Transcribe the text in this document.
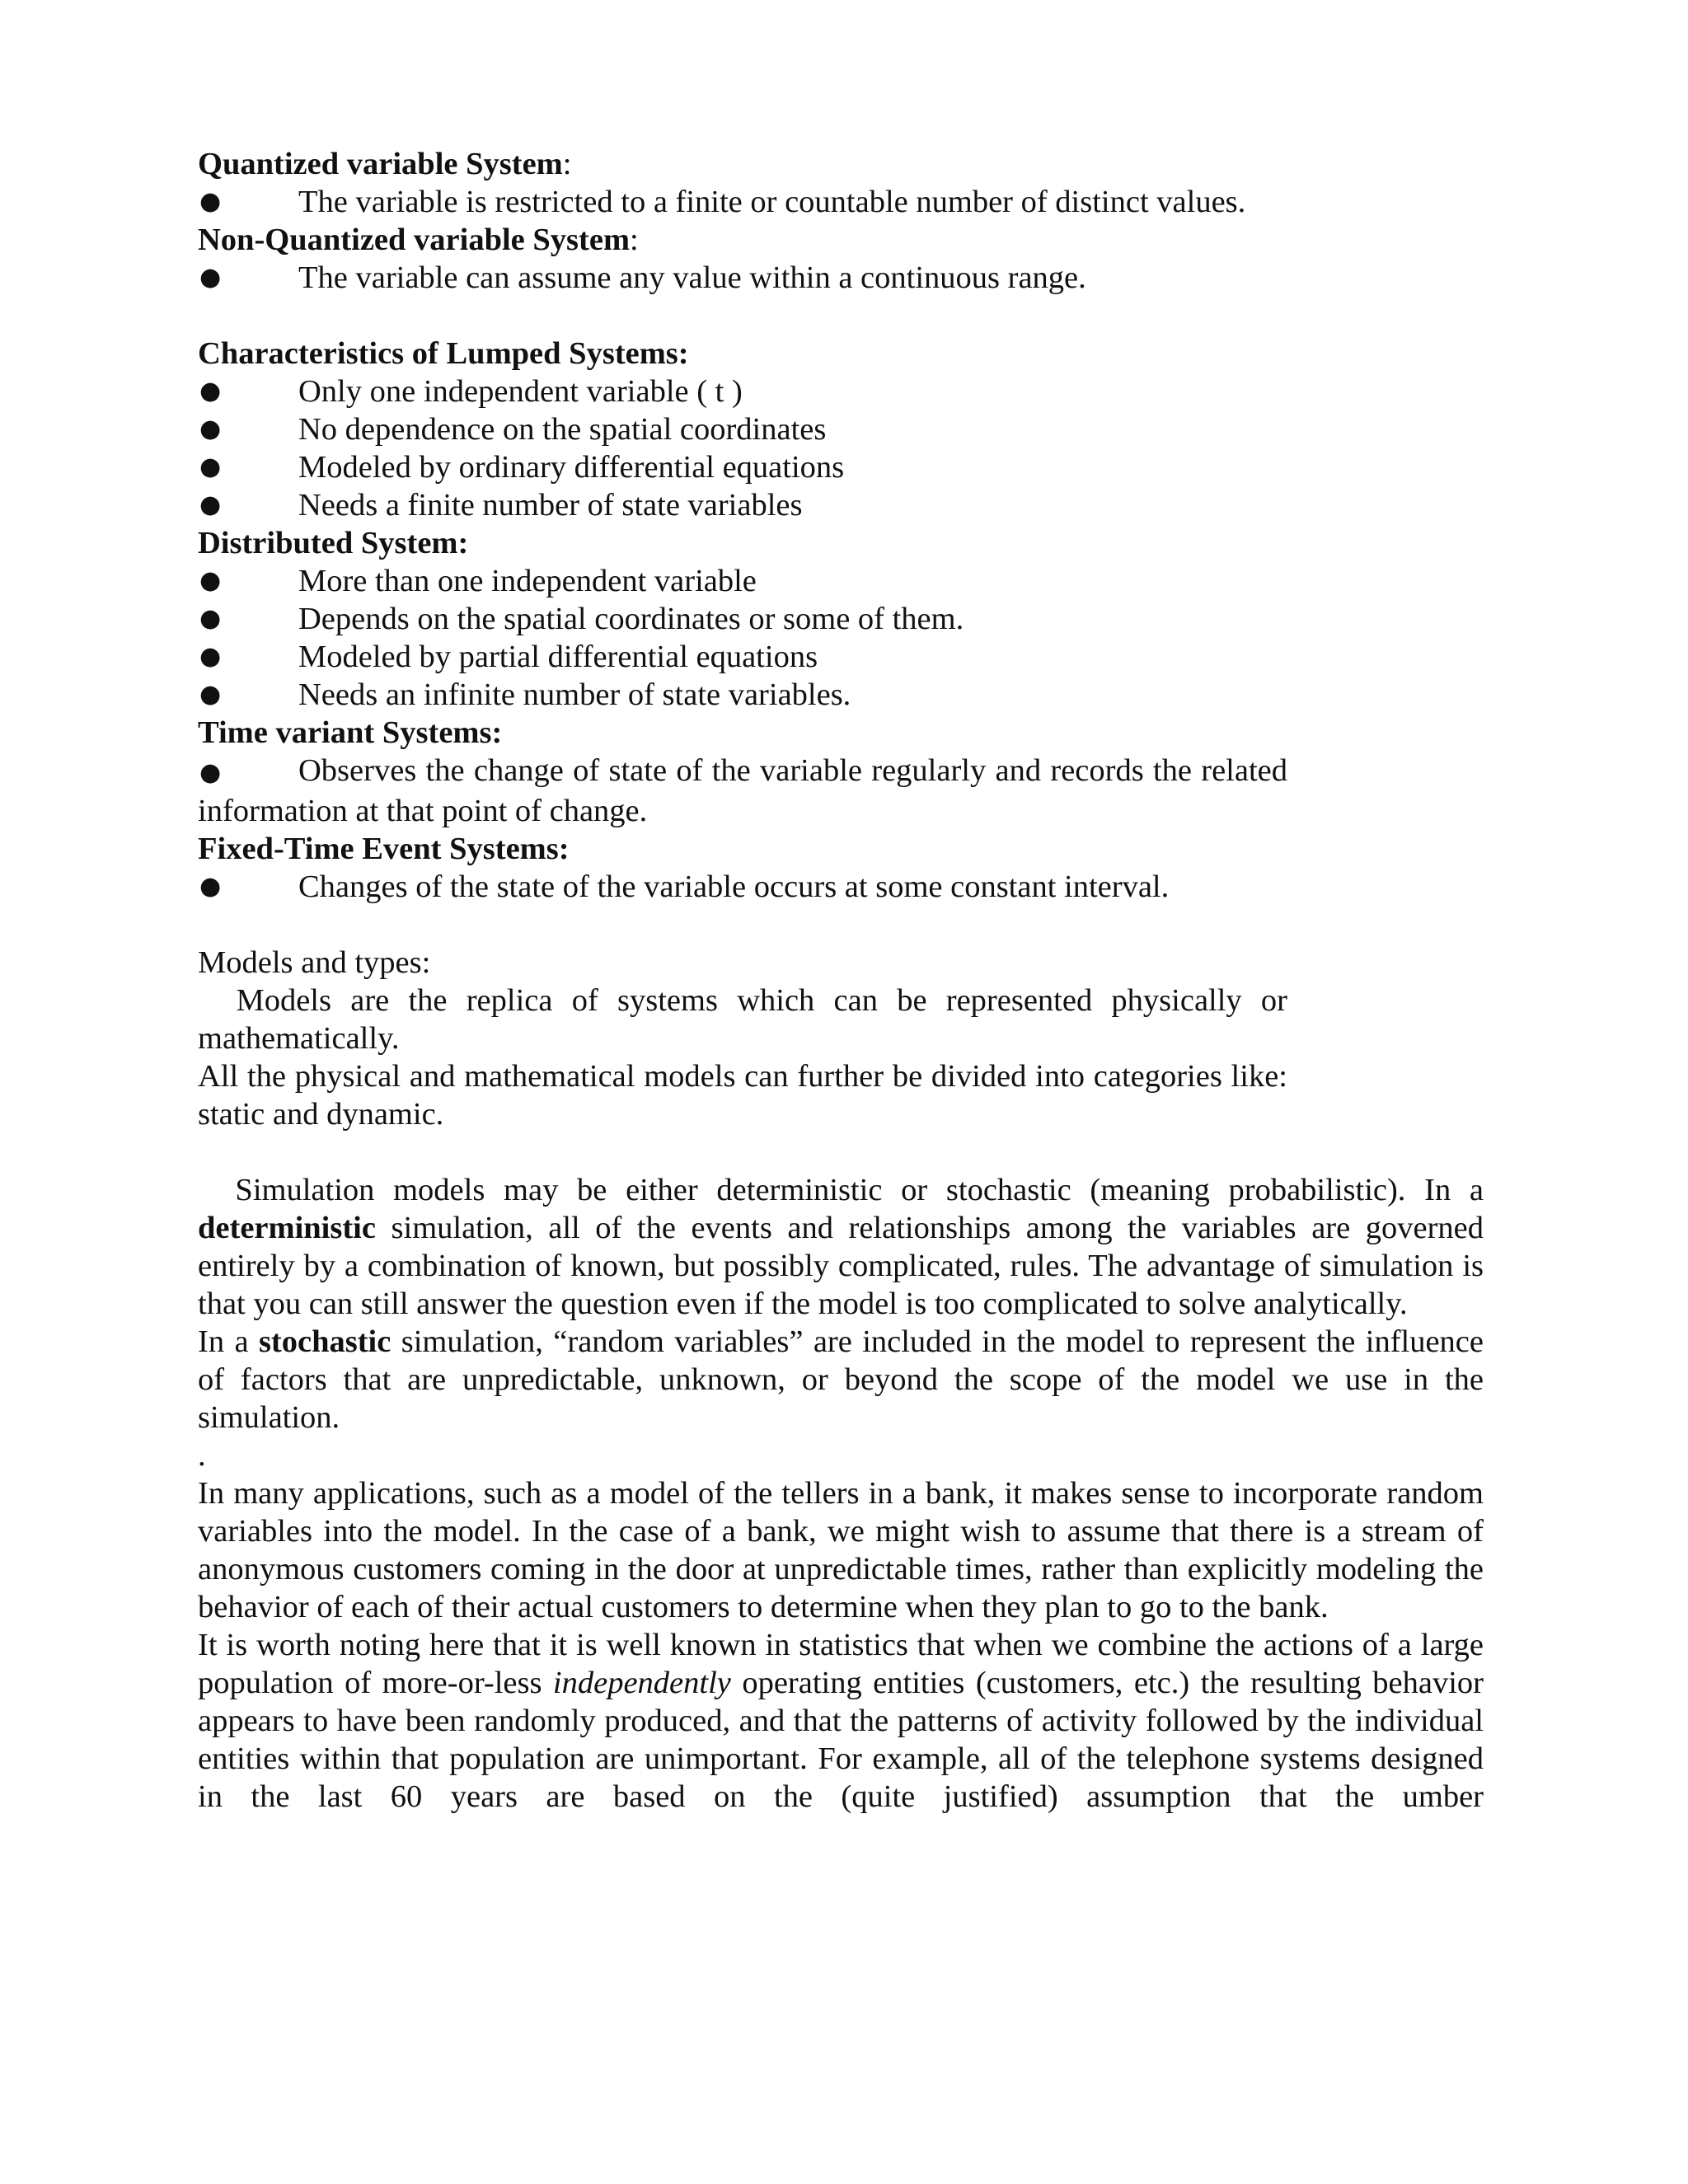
Quantized variable System:

●	The variable is restricted to a finite or countable number of distinct values.

Non-Quantized variable System:

●	The variable can assume any value within a continuous range.

Characteristics of Lumped Systems:

●	Only one independent variable ( t )

●	No dependence on the spatial coordinates

●	Modeled by ordinary differential equations

●	Needs a finite number of state variables

Distributed System:

●	More than one independent variable

●	Depends on the spatial coordinates or some of them.

●	Modeled by partial differential equations

●	Needs an infinite number of state variables.

Time variant Systems:

● Observes the change of state of the variable regularly and records the related information at that point of change.

Fixed-Time Event Systems:

●	Changes of the state of the variable occurs at some constant interval.

Models and types:

Models are the replica of systems which can be represented physically or mathematically.

All the physical and mathematical models can further be divided into categories like: static and dynamic.

Simulation models may be either deterministic or stochastic (meaning probabilistic). In a deterministic simulation, all of the events and relationships among the variables are governed entirely by a combination of known, but possibly complicated, rules. The advantage of simulation is that you can still answer the question even if the model is too complicated to solve analytically.

In a stochastic simulation, “random variables” are included in the model to represent the influence of factors that are unpredictable, unknown, or beyond the scope of the model we use in the simulation.

.

In many applications, such as a model of the tellers in a bank, it makes sense to incorporate random variables into the model. In the case of a bank, we might wish to assume that there is a stream of anonymous customers coming in the door at unpredictable times, rather than explicitly modeling the behavior of each of their actual customers to determine when they plan to go to the bank.

It is worth noting here that it is well known in statistics that when we combine the actions of a large population of more-or-less independently operating entities (customers, etc.) the resulting behavior appears to have been randomly produced, and that the patterns of activity followed by the individual entities within that population are unimportant. For example, all of the telephone systems designed in the last 60 years are based on the (quite justified) assumption that the umber
